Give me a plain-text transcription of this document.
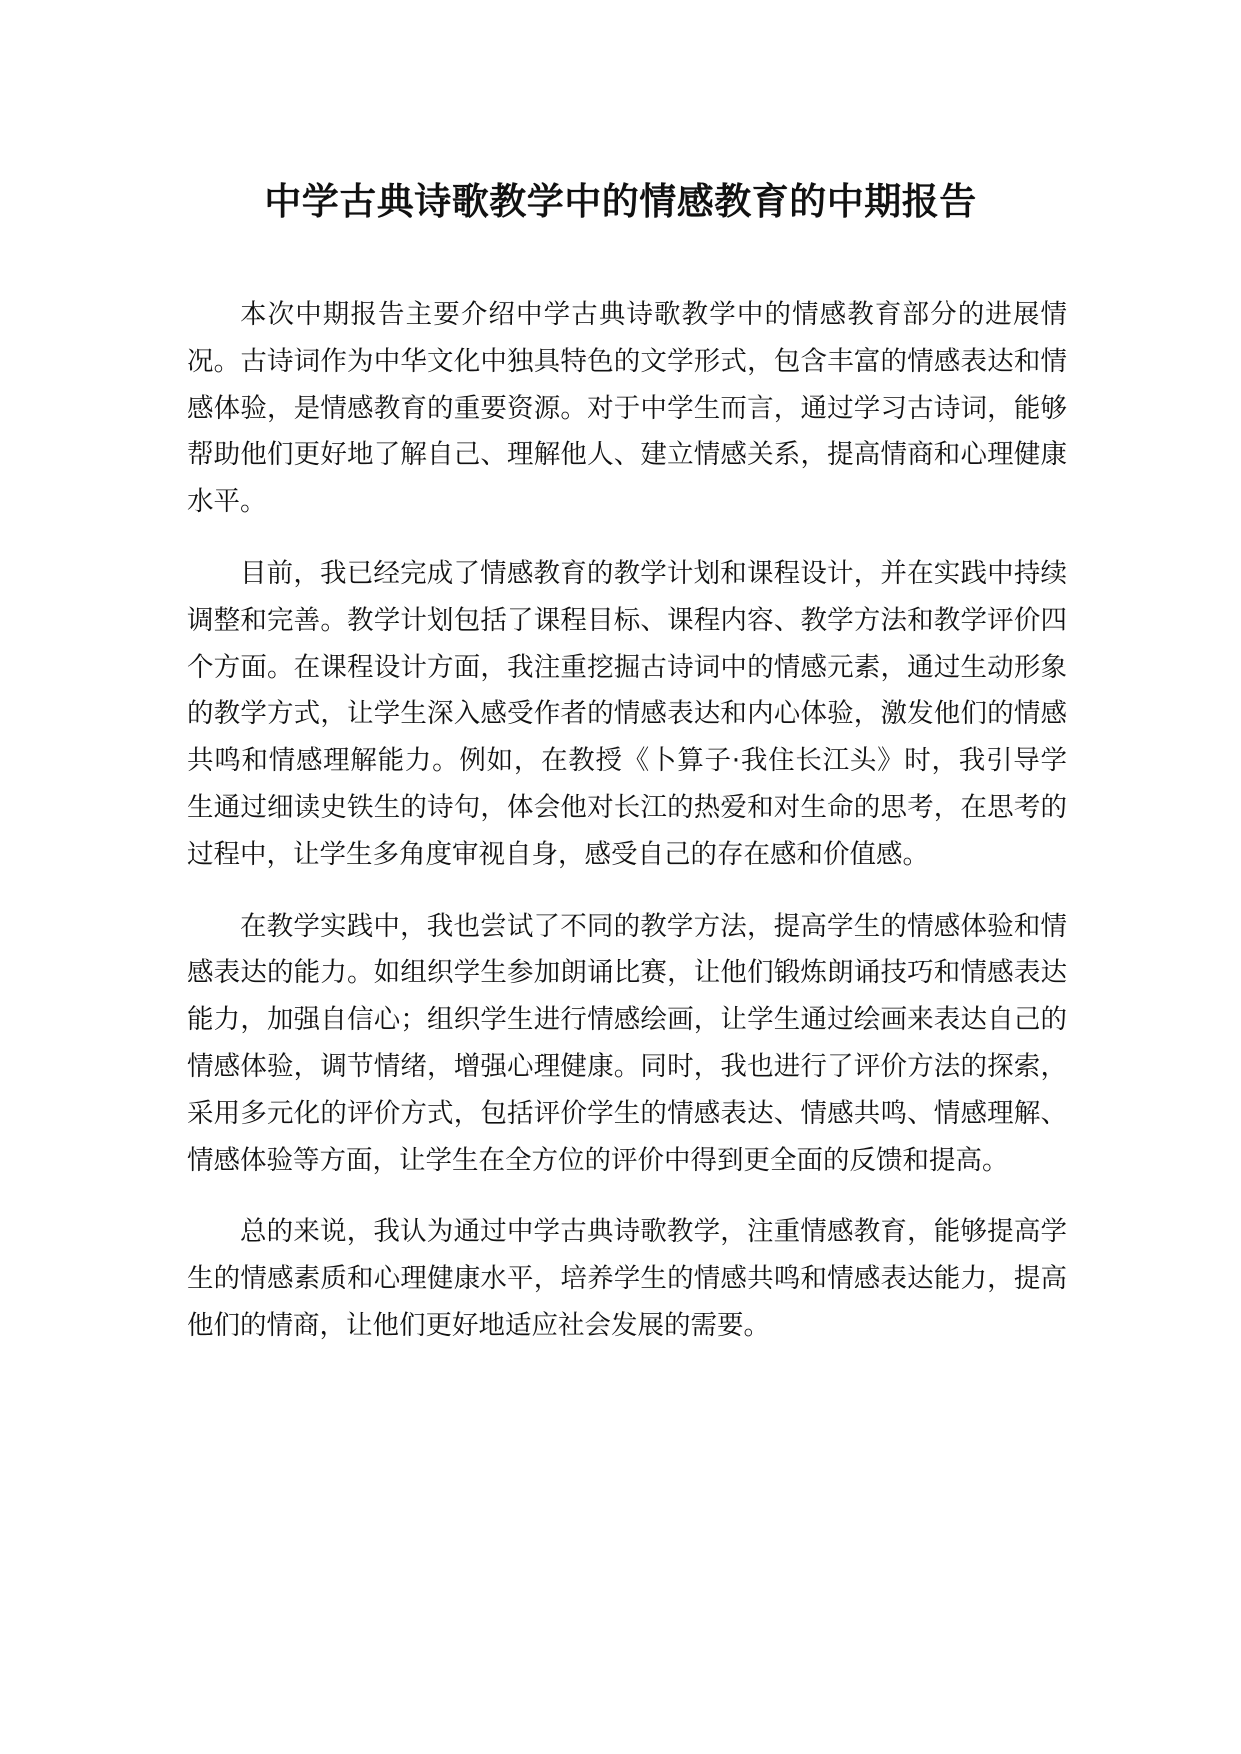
中学古典诗歌教学中的情感教育的中期报告

本次中期报告主要介绍中学古典诗歌教学中的情感教育部分的进展情况。古诗词作为中华文化中独具特色的文学形式，包含丰富的情感表达和情感体验，是情感教育的重要资源。对于中学生而言，通过学习古诗词，能够帮助他们更好地了解自己、理解他人、建立情感关系，提高情商和心理健康水平。

目前，我已经完成了情感教育的教学计划和课程设计，并在实践中持续调整和完善。教学计划包括了课程目标、课程内容、教学方法和教学评价四个方面。在课程设计方面，我注重挖掘古诗词中的情感元素，通过生动形象的教学方式，让学生深入感受作者的情感表达和内心体验，激发他们的情感共鸣和情感理解能力。例如，在教授《卜算子·我住长江头》时，我引导学生通过细读史铁生的诗句，体会他对长江的热爱和对生命的思考，在思考的过程中，让学生多角度审视自身，感受自己的存在感和价值感。

在教学实践中，我也尝试了不同的教学方法，提高学生的情感体验和情感表达的能力。如组织学生参加朗诵比赛，让他们锻炼朗诵技巧和情感表达能力，加强自信心；组织学生进行情感绘画，让学生通过绘画来表达自己的情感体验，调节情绪，增强心理健康。同时，我也进行了评价方法的探索，采用多元化的评价方式，包括评价学生的情感表达、情感共鸣、情感理解、情感体验等方面，让学生在全方位的评价中得到更全面的反馈和提高。

总的来说，我认为通过中学古典诗歌教学，注重情感教育，能够提高学生的情感素质和心理健康水平，培养学生的情感共鸣和情感表达能力，提高他们的情商，让他们更好地适应社会发展的需要。
